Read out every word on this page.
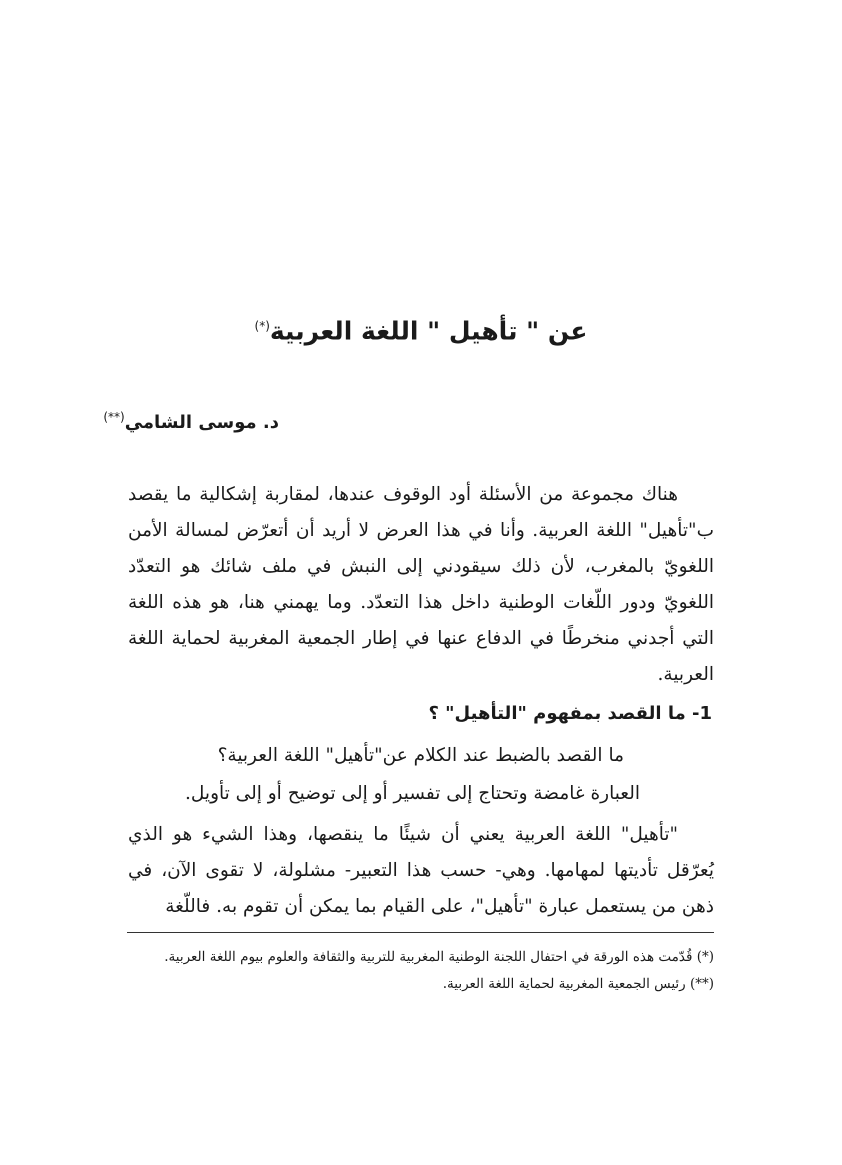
عن " تأهيل " اللغة العربية(*)
د. موسى الشامي(**)

هناك مجموعة من الأسئلة أود الوقوف عندها، لمقاربة إشكالية ما يقصد ب"تأهيل" اللغة العربية. وأنا في هذا العرض لا أريد أن أتعرّض لمسالة الأمن اللغويّ بالمغرب، لأن ذلك سيقودني إلى النبش في ملف شائك هو التعدّد اللغويّ ودور اللّغات الوطنية داخل هذا التعدّد. وما يهمني هنا، هو هذه اللغة التي أجدني منخرطًا في الدفاع عنها في إطار الجمعية المغربية لحماية اللغة العربية.

1- ما القصد بمفهوم "التأهيل" ؟

ما القصد بالضبط عند الكلام عن"تأهيل" اللغة العربية؟

العبارة غامضة وتحتاج إلى تفسير أو إلى توضيح أو إلى تأويل.

"تأهيل" اللغة العربية يعني أن شيئًا ما ينقصها، وهذا الشيء هو الذي يُعرّقل تأديتها لمهامها. وهي- حسب هذا التعبير- مشلولة، لا تقوى الآن، في ذهن من يستعمل عبارة "تأهيل"، على القيام بما يمكن أن تقوم به. فاللّغة

(*) قُدّمت هذه الورقة في احتفال اللجنة الوطنية المغربية للتربية والثقافة والعلوم بيوم اللغة العربية.
(**) رئيس الجمعية المغربية لحماية اللغة العربية.
